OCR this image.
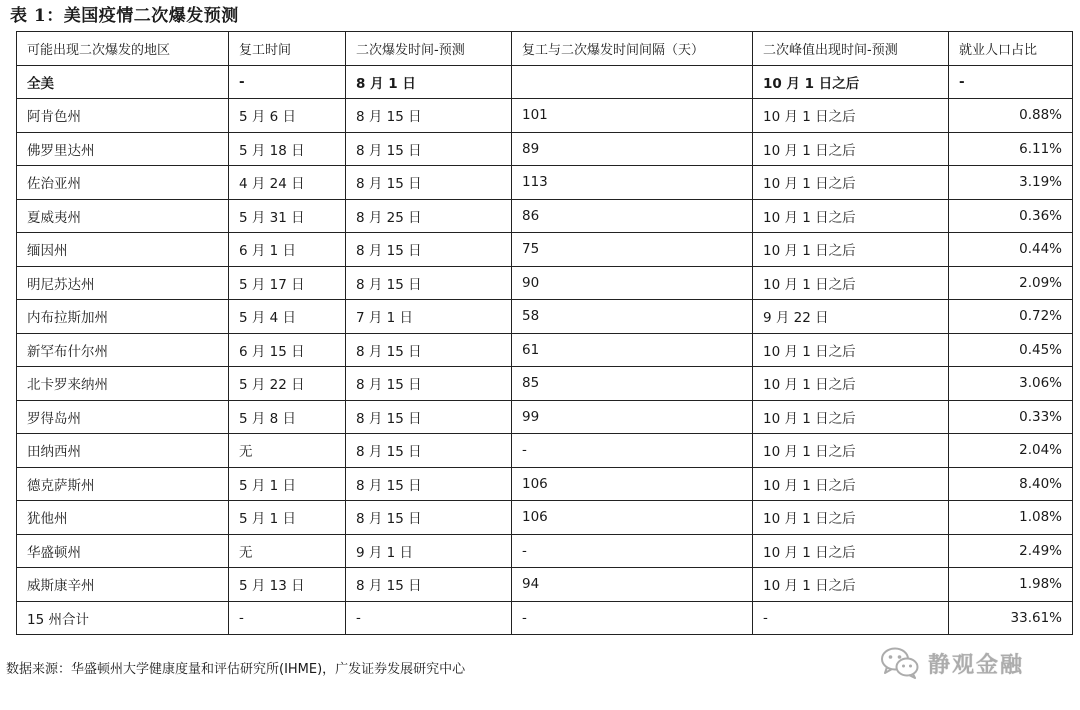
表 1：美国疫情二次爆发预测
可能出现二次爆发的地区	复工时间	二次爆发时间-预测	复工与二次爆发时间间隔（天）	二次峰值出现时间-预测	就业人口占比
全美	-	8 月 1 日		10 月 1 日之后	-
阿肯色州	5 月 6 日	8 月 15 日	101	10 月 1 日之后	0.88%
佛罗里达州	5 月 18 日	8 月 15 日	89	10 月 1 日之后	6.11%
佐治亚州	4 月 24 日	8 月 15 日	113	10 月 1 日之后	3.19%
夏威夷州	5 月 31 日	8 月 25 日	86	10 月 1 日之后	0.36%
缅因州	6 月 1 日	8 月 15 日	75	10 月 1 日之后	0.44%
明尼苏达州	5 月 17 日	8 月 15 日	90	10 月 1 日之后	2.09%
内布拉斯加州	5 月 4 日	7 月 1 日	58	9 月 22 日	0.72%
新罕布什尔州	6 月 15 日	8 月 15 日	61	10 月 1 日之后	0.45%
北卡罗来纳州	5 月 22 日	8 月 15 日	85	10 月 1 日之后	3.06%
罗得岛州	5 月 8 日	8 月 15 日	99	10 月 1 日之后	0.33%
田纳西州	无	8 月 15 日	-	10 月 1 日之后	2.04%
德克萨斯州	5 月 1 日	8 月 15 日	106	10 月 1 日之后	8.40%
犹他州	5 月 1 日	8 月 15 日	106	10 月 1 日之后	1.08%
华盛顿州	无	9 月 1 日	-	10 月 1 日之后	2.49%
威斯康辛州	5 月 13 日	8 月 15 日	94	10 月 1 日之后	1.98%
15 州合计	-	-	-	-	33.61%
数据来源：华盛顿州大学健康度量和评估研究所(IHME)，广发证券发展研究中心	静观金融
